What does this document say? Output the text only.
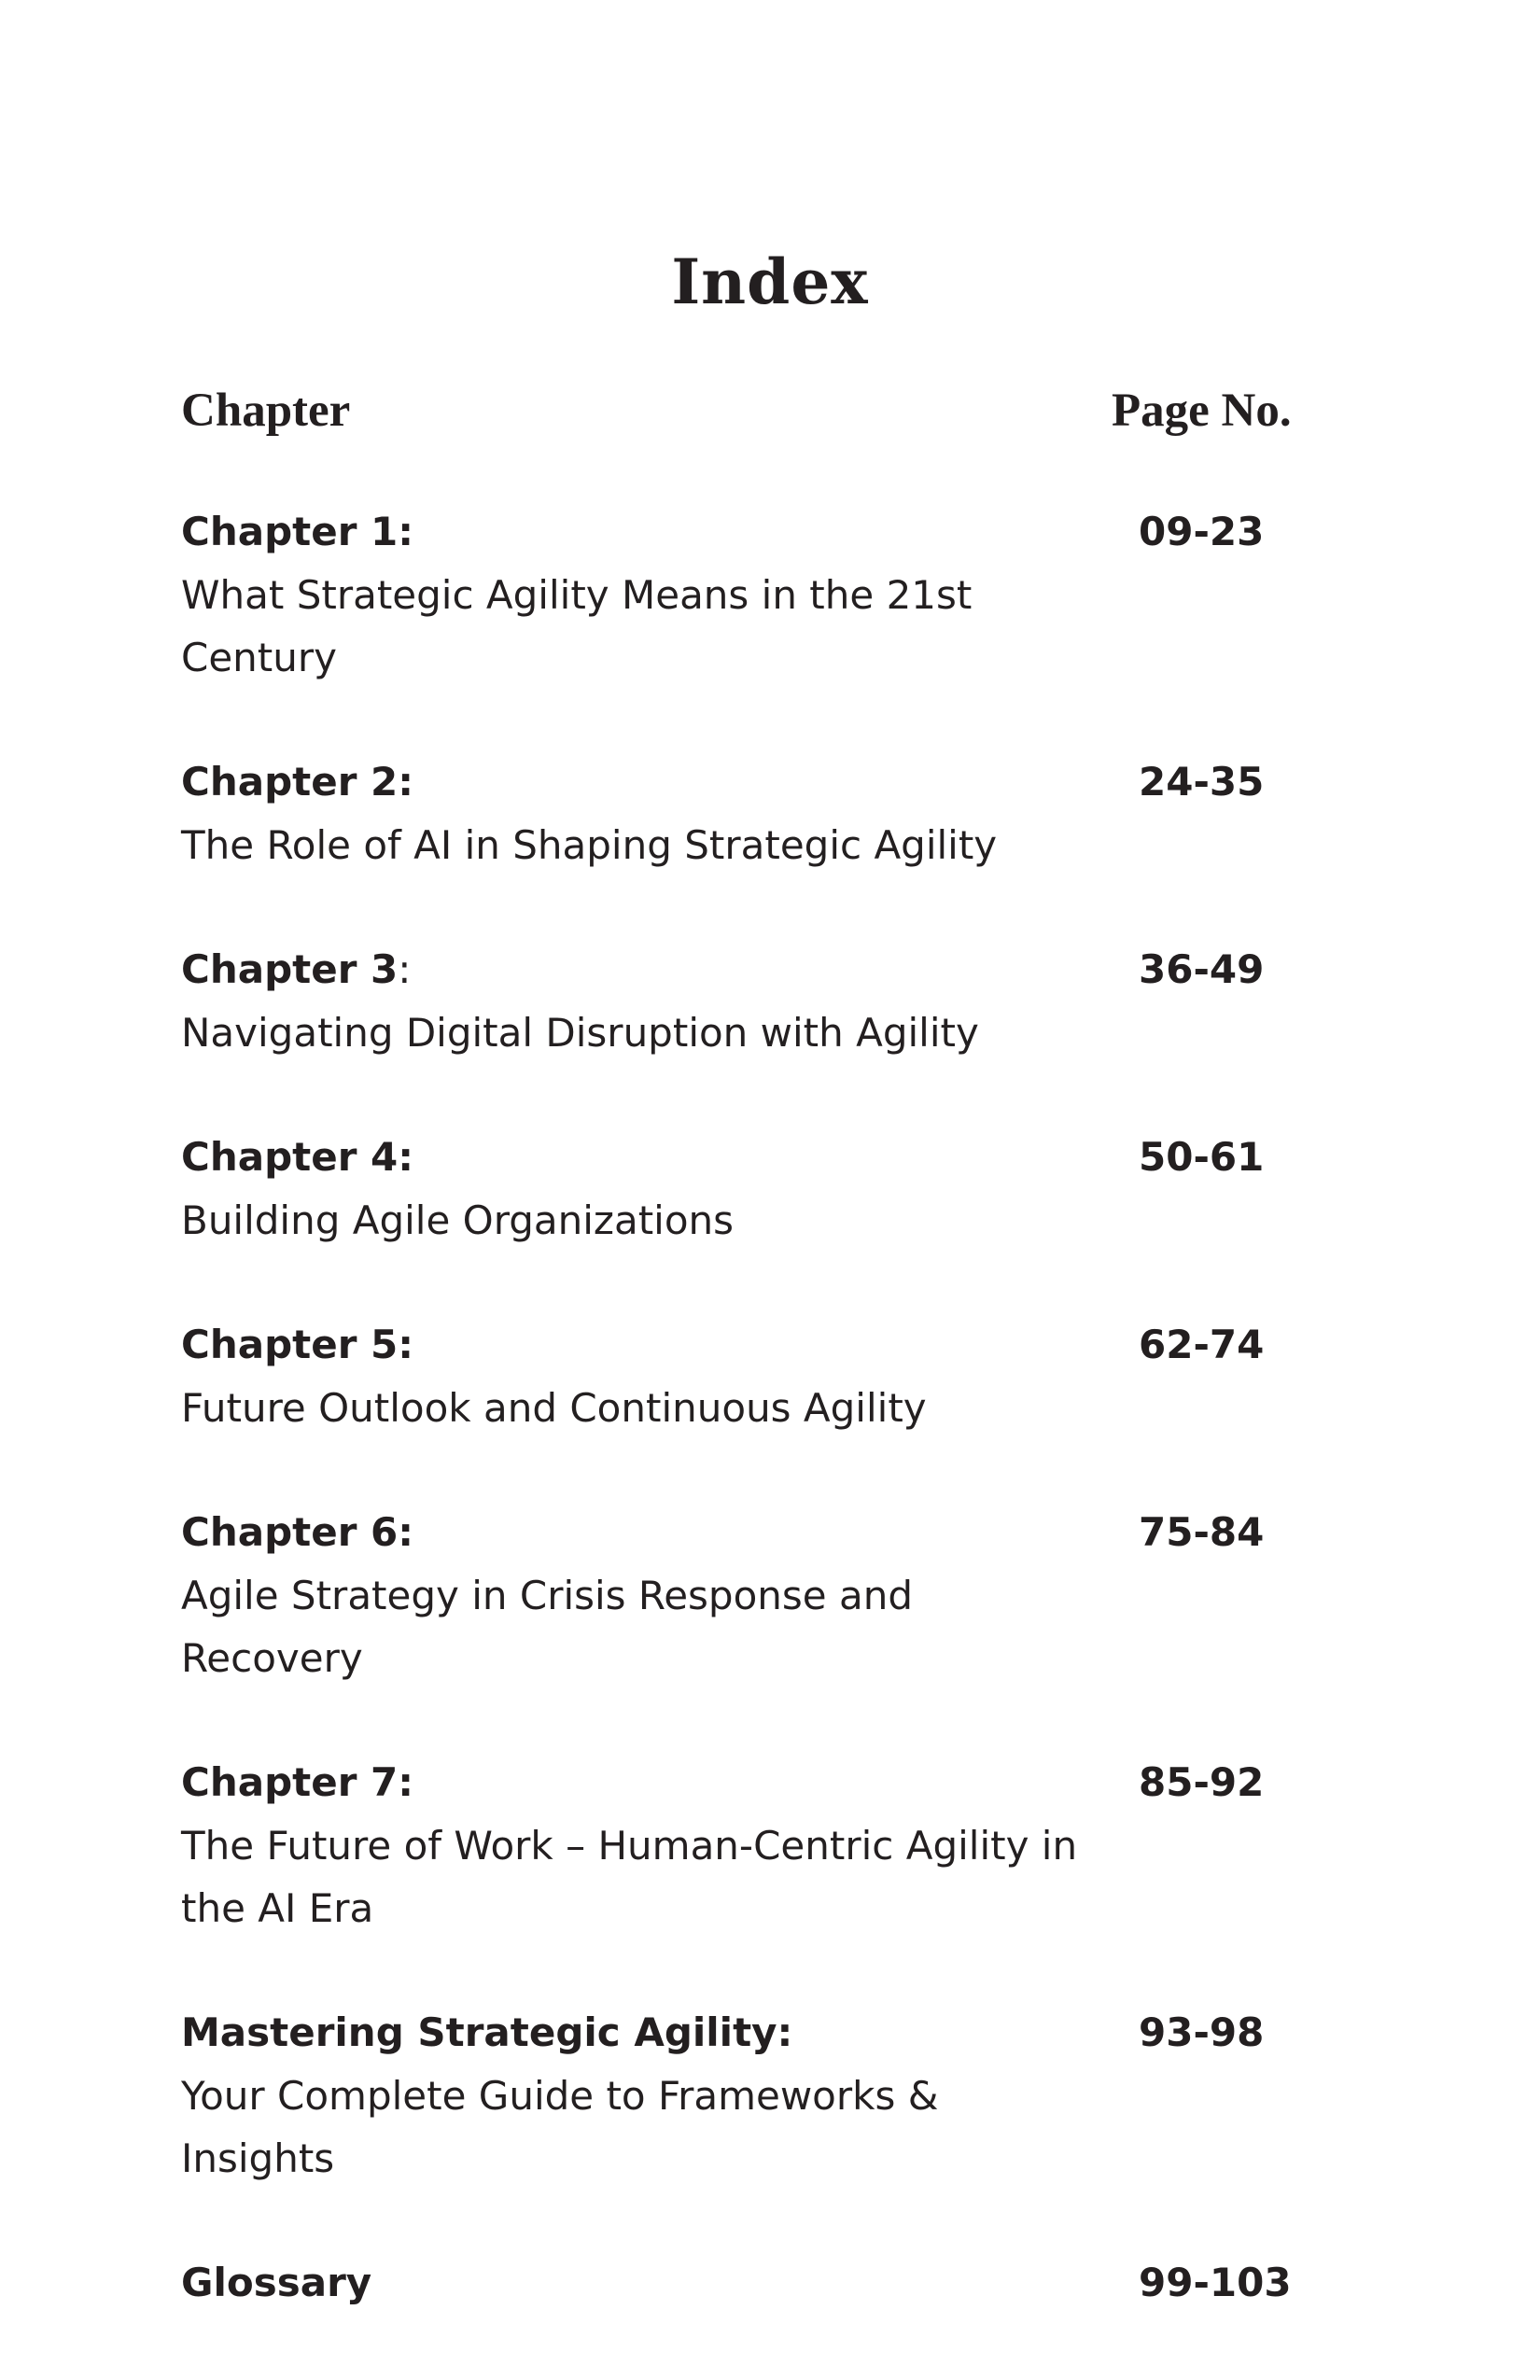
Index
Chapter	Page No.
Chapter 1:	09-23
What Strategic Agility Means in the 21st Century
Chapter 2:	24-35
The Role of AI in Shaping Strategic Agility
Chapter 3:	36-49
Navigating Digital Disruption with Agility
Chapter 4:	50-61
Building Agile Organizations
Chapter 5:	62-74
Future Outlook and Continuous Agility
Chapter 6:	75-84
Agile Strategy in Crisis Response and Recovery
Chapter 7:	85-92
The Future of Work – Human-Centric Agility in the AI Era
Mastering Strategic Agility:	93-98
Your Complete Guide to Frameworks & Insights
Glossary	99-103
